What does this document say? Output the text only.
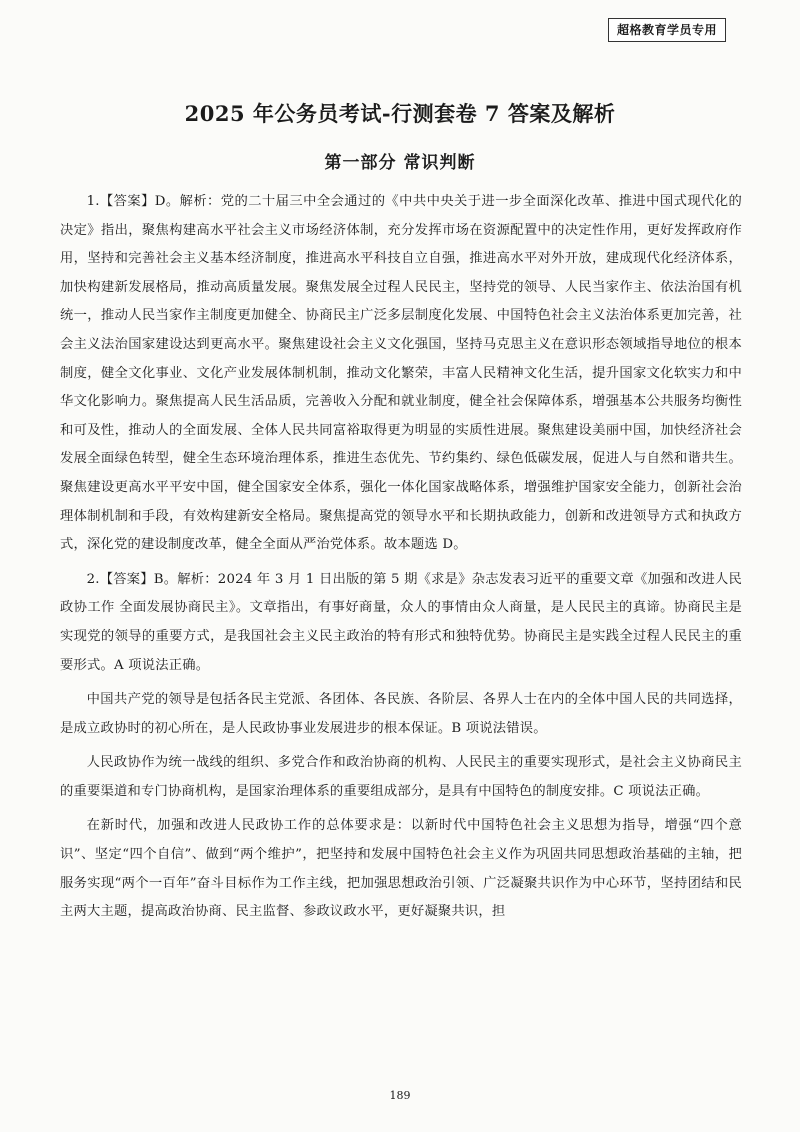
超格教育学员专用
2025 年公务员考试-行测套卷 7 答案及解析
第一部分 常识判断

1.【答案】D。解析：党的二十届三中全会通过的《中共中央关于进一步全面深化改革、推进中国式现代化的决定》指出，聚焦构建高水平社会主义市场经济体制，充分发挥市场在资源配置中的决定性作用，更好发挥政府作用，坚持和完善社会主义基本经济制度，推进高水平科技自立自强，推进高水平对外开放，建成现代化经济体系，加快构建新发展格局，推动高质量发展。聚焦发展全过程人民民主，坚持党的领导、人民当家作主、依法治国有机统一，推动人民当家作主制度更加健全、协商民主广泛多层制度化发展、中国特色社会主义法治体系更加完善，社会主义法治国家建设达到更高水平。聚焦建设社会主义文化强国，坚持马克思主义在意识形态领域指导地位的根本制度，健全文化事业、文化产业发展体制机制，推动文化繁荣，丰富人民精神文化生活，提升国家文化软实力和中华文化影响力。聚焦提高人民生活品质，完善收入分配和就业制度，健全社会保障体系，增强基本公共服务均衡性和可及性，推动人的全面发展、全体人民共同富裕取得更为明显的实质性进展。聚焦建设美丽中国，加快经济社会发展全面绿色转型，健全生态环境治理体系，推进生态优先、节约集约、绿色低碳发展，促进人与自然和谐共生。聚焦建设更高水平平安中国，健全国家安全体系，强化一体化国家战略体系，增强维护国家安全能力，创新社会治理体制机制和手段，有效构建新安全格局。聚焦提高党的领导水平和长期执政能力，创新和改进领导方式和执政方式，深化党的建设制度改革，健全全面从严治党体系。故本题选 D。

2.【答案】B。解析：2024 年 3 月 1 日出版的第 5 期《求是》杂志发表习近平的重要文章《加强和改进人民政协工作 全面发展协商民主》。文章指出，有事好商量，众人的事情由众人商量，是人民民主的真谛。协商民主是实现党的领导的重要方式，是我国社会主义民主政治的特有形式和独特优势。协商民主是实践全过程人民民主的重要形式。A 项说法正确。

中国共产党的领导是包括各民主党派、各团体、各民族、各阶层、各界人士在内的全体中国人民的共同选择，是成立政协时的初心所在，是人民政协事业发展进步的根本保证。B 项说法错误。

人民政协作为统一战线的组织、多党合作和政治协商的机构、人民民主的重要实现形式，是社会主义协商民主的重要渠道和专门协商机构，是国家治理体系的重要组成部分，是具有中国特色的制度安排。C 项说法正确。

在新时代，加强和改进人民政协工作的总体要求是：以新时代中国特色社会主义思想为指导，增强“四个意识”、坚定“四个自信”、做到“两个维护”，把坚持和发展中国特色社会主义作为巩固共同思想政治基础的主轴，把服务实现“两个一百年”奋斗目标作为工作主线，把加强思想政治引领、广泛凝聚共识作为中心环节，坚持团结和民主两大主题，提高政治协商、民主监督、参政议政水平，更好凝聚共识，担

189
